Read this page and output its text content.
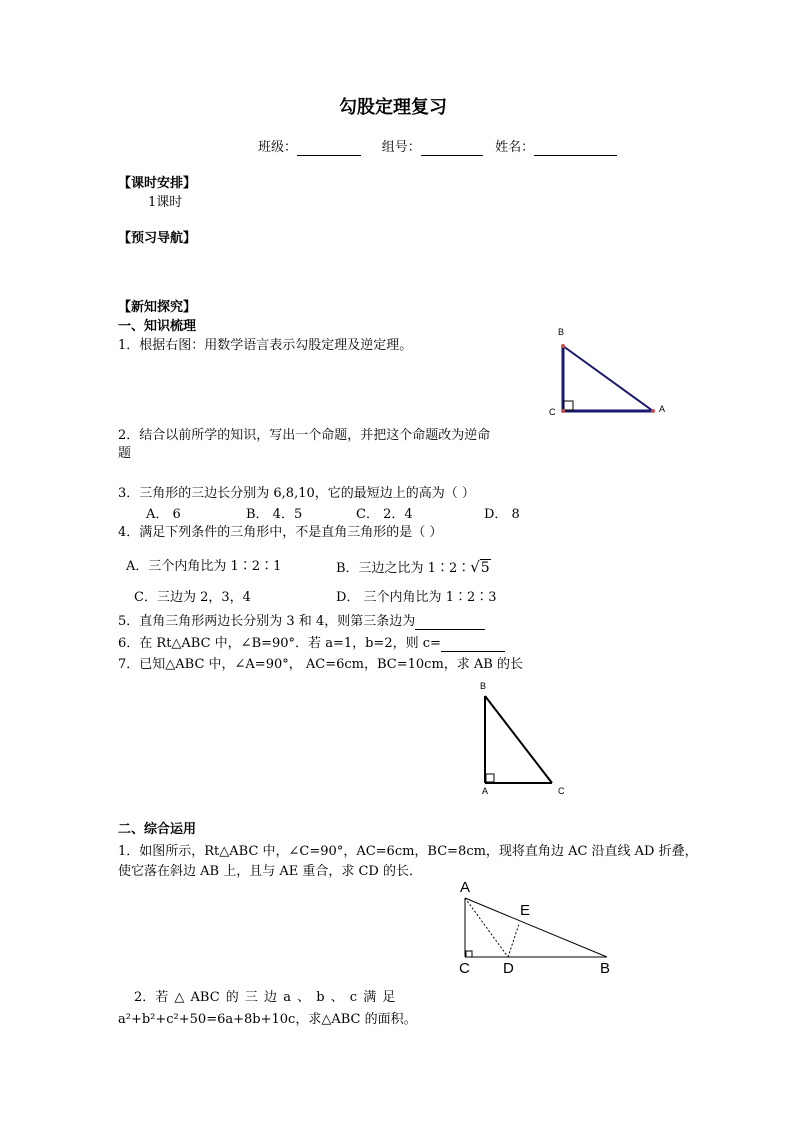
勾股定理复习
班级：	组号：	姓名：
【课时安排】
1课时
【预习导航】
【新知探究】
一、知识梳理
1．根据右图：用数学语言表示勾股定理及逆定理。
B
C	A
2．结合以前所学的知识，写出一个命题，并把这个命题改为逆命
题
3．三角形的三边长分别为 6,8,10，它的最短边上的高为（ ）
A． 6	B． 4．5	C． 2．4	D． 8
4．满足下列条件的三角形中，不是直角三角形的是（ ）
A．三个内角比为 1∶2∶1	B．三边之比为 1∶2∶√5
C．三边为 2，3，4	D． 三个内角比为 1∶2∶3
5．直角三角形两边长分别为 3 和 4，则第三条边为
6．在 Rt△ABC 中，∠B=90°．若 a=1，b=2，则 c=
7．已知△ABC 中，∠A=90°， AC=6cm，BC=10cm，求 AB 的长
B
A	C
二、综合运用
1．如图所示，Rt△ABC 中，∠C=90°，AC=6cm，BC=8cm，现将直角边 AC 沿直线 AD 折叠，
使它落在斜边 AB 上，且与 AE 重合，求 CD 的长．
A
E
C D	B
2．若 △ ABC 的 三 边 a 、 b 、 c 满 足
a²+b²+c²+50=6a+8b+10c，求△ABC 的面积。
